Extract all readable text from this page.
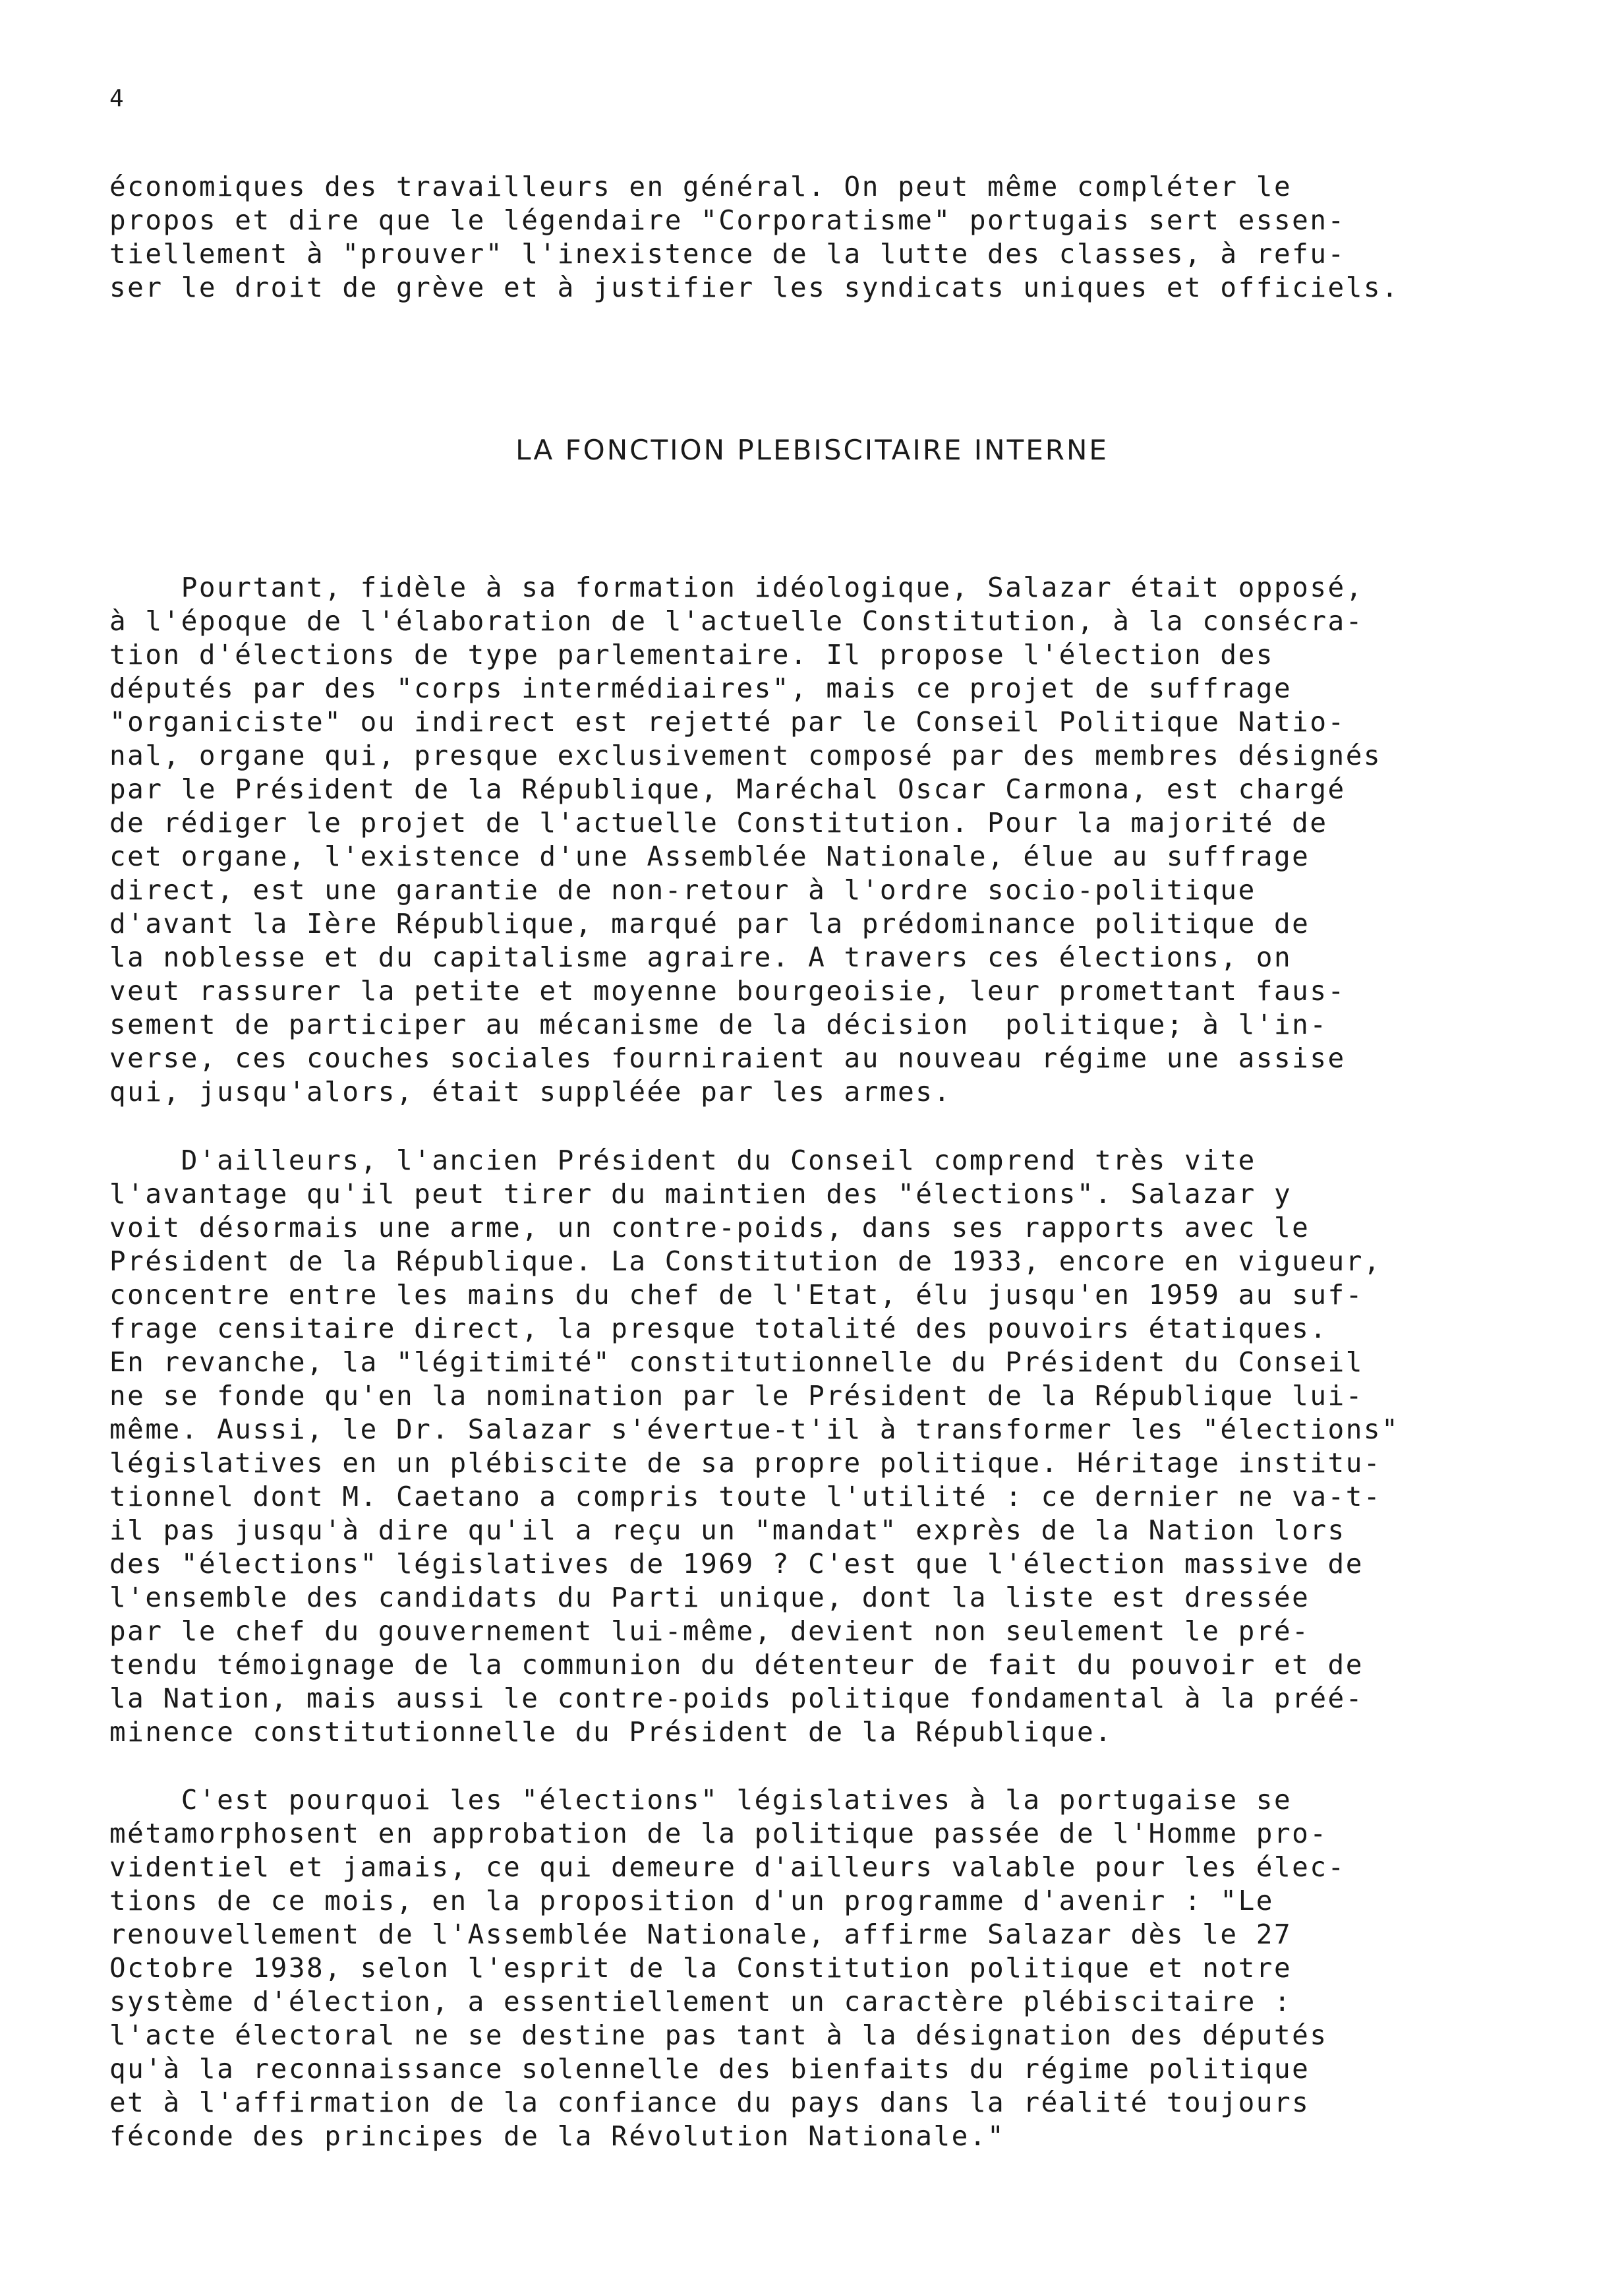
4
économiques des travailleurs en général. On peut même compléter le
propos et dire que le légendaire "Corporatisme" portugais sert essen-
tiellement à "prouver" l'inexistence de la lutte des classes, à refu-
ser le droit de grève et à justifier les syndicats uniques et officiels.
LA FONCTION PLEBISCITAIRE INTERNE
Pourtant, fidèle à sa formation idéologique, Salazar était opposé,
à l'époque de l'élaboration de l'actuelle Constitution, à la consécra-
tion d'élections de type parlementaire. Il propose l'élection des
députés par des "corps intermédiaires", mais ce projet de suffrage
"organiciste" ou indirect est rejetté par le Conseil Politique Natio-
nal, organe qui, presque exclusivement composé par des membres désignés
par le Président de la République, Maréchal Oscar Carmona, est chargé
de rédiger le projet de l'actuelle Constitution. Pour la majorité de
cet organe, l'existence d'une Assemblée Nationale, élue au suffrage
direct, est une garantie de non-retour à l'ordre socio-politique
d'avant la Ière République, marqué par la prédominance politique de
la noblesse et du capitalisme agraire. A travers ces élections, on
veut rassurer la petite et moyenne bourgeoisie, leur promettant faus-
sement de participer au mécanisme de la décision  politique; à l'in-
verse, ces couches sociales fourniraient au nouveau régime une assise
qui, jusqu'alors, était suppléée par les armes.
D'ailleurs, l'ancien Président du Conseil comprend très vite
l'avantage qu'il peut tirer du maintien des "élections". Salazar y
voit désormais une arme, un contre-poids, dans ses rapports avec le
Président de la République. La Constitution de 1933, encore en vigueur,
concentre entre les mains du chef de l'Etat, élu jusqu'en 1959 au suf-
frage censitaire direct, la presque totalité des pouvoirs étatiques.
En revanche, la "légitimité" constitutionnelle du Président du Conseil
ne se fonde qu'en la nomination par le Président de la République lui-
même. Aussi, le Dr. Salazar s'évertue-t'il à transformer les "élections"
législatives en un plébiscite de sa propre politique. Héritage institu-
tionnel dont M. Caetano a compris toute l'utilité : ce dernier ne va-t-
il pas jusqu'à dire qu'il a reçu un "mandat" exprès de la Nation lors
des "élections" législatives de 1969 ? C'est que l'élection massive de
l'ensemble des candidats du Parti unique, dont la liste est dressée
par le chef du gouvernement lui-même, devient non seulement le pré-
tendu témoignage de la communion du détenteur de fait du pouvoir et de
la Nation, mais aussi le contre-poids politique fondamental à la préé-
minence constitutionnelle du Président de la République.
C'est pourquoi les "élections" législatives à la portugaise se
métamorphosent en approbation de la politique passée de l'Homme pro-
videntiel et jamais, ce qui demeure d'ailleurs valable pour les élec-
tions de ce mois, en la proposition d'un programme d'avenir : "Le
renouvellement de l'Assemblée Nationale, affirme Salazar dès le 27
Octobre 1938, selon l'esprit de la Constitution politique et notre
système d'élection, a essentiellement un caractère plébiscitaire :
l'acte électoral ne se destine pas tant à la désignation des députés
qu'à la reconnaissance solennelle des bienfaits du régime politique
et à l'affirmation de la confiance du pays dans la réalité toujours
féconde des principes de la Révolution Nationale."
